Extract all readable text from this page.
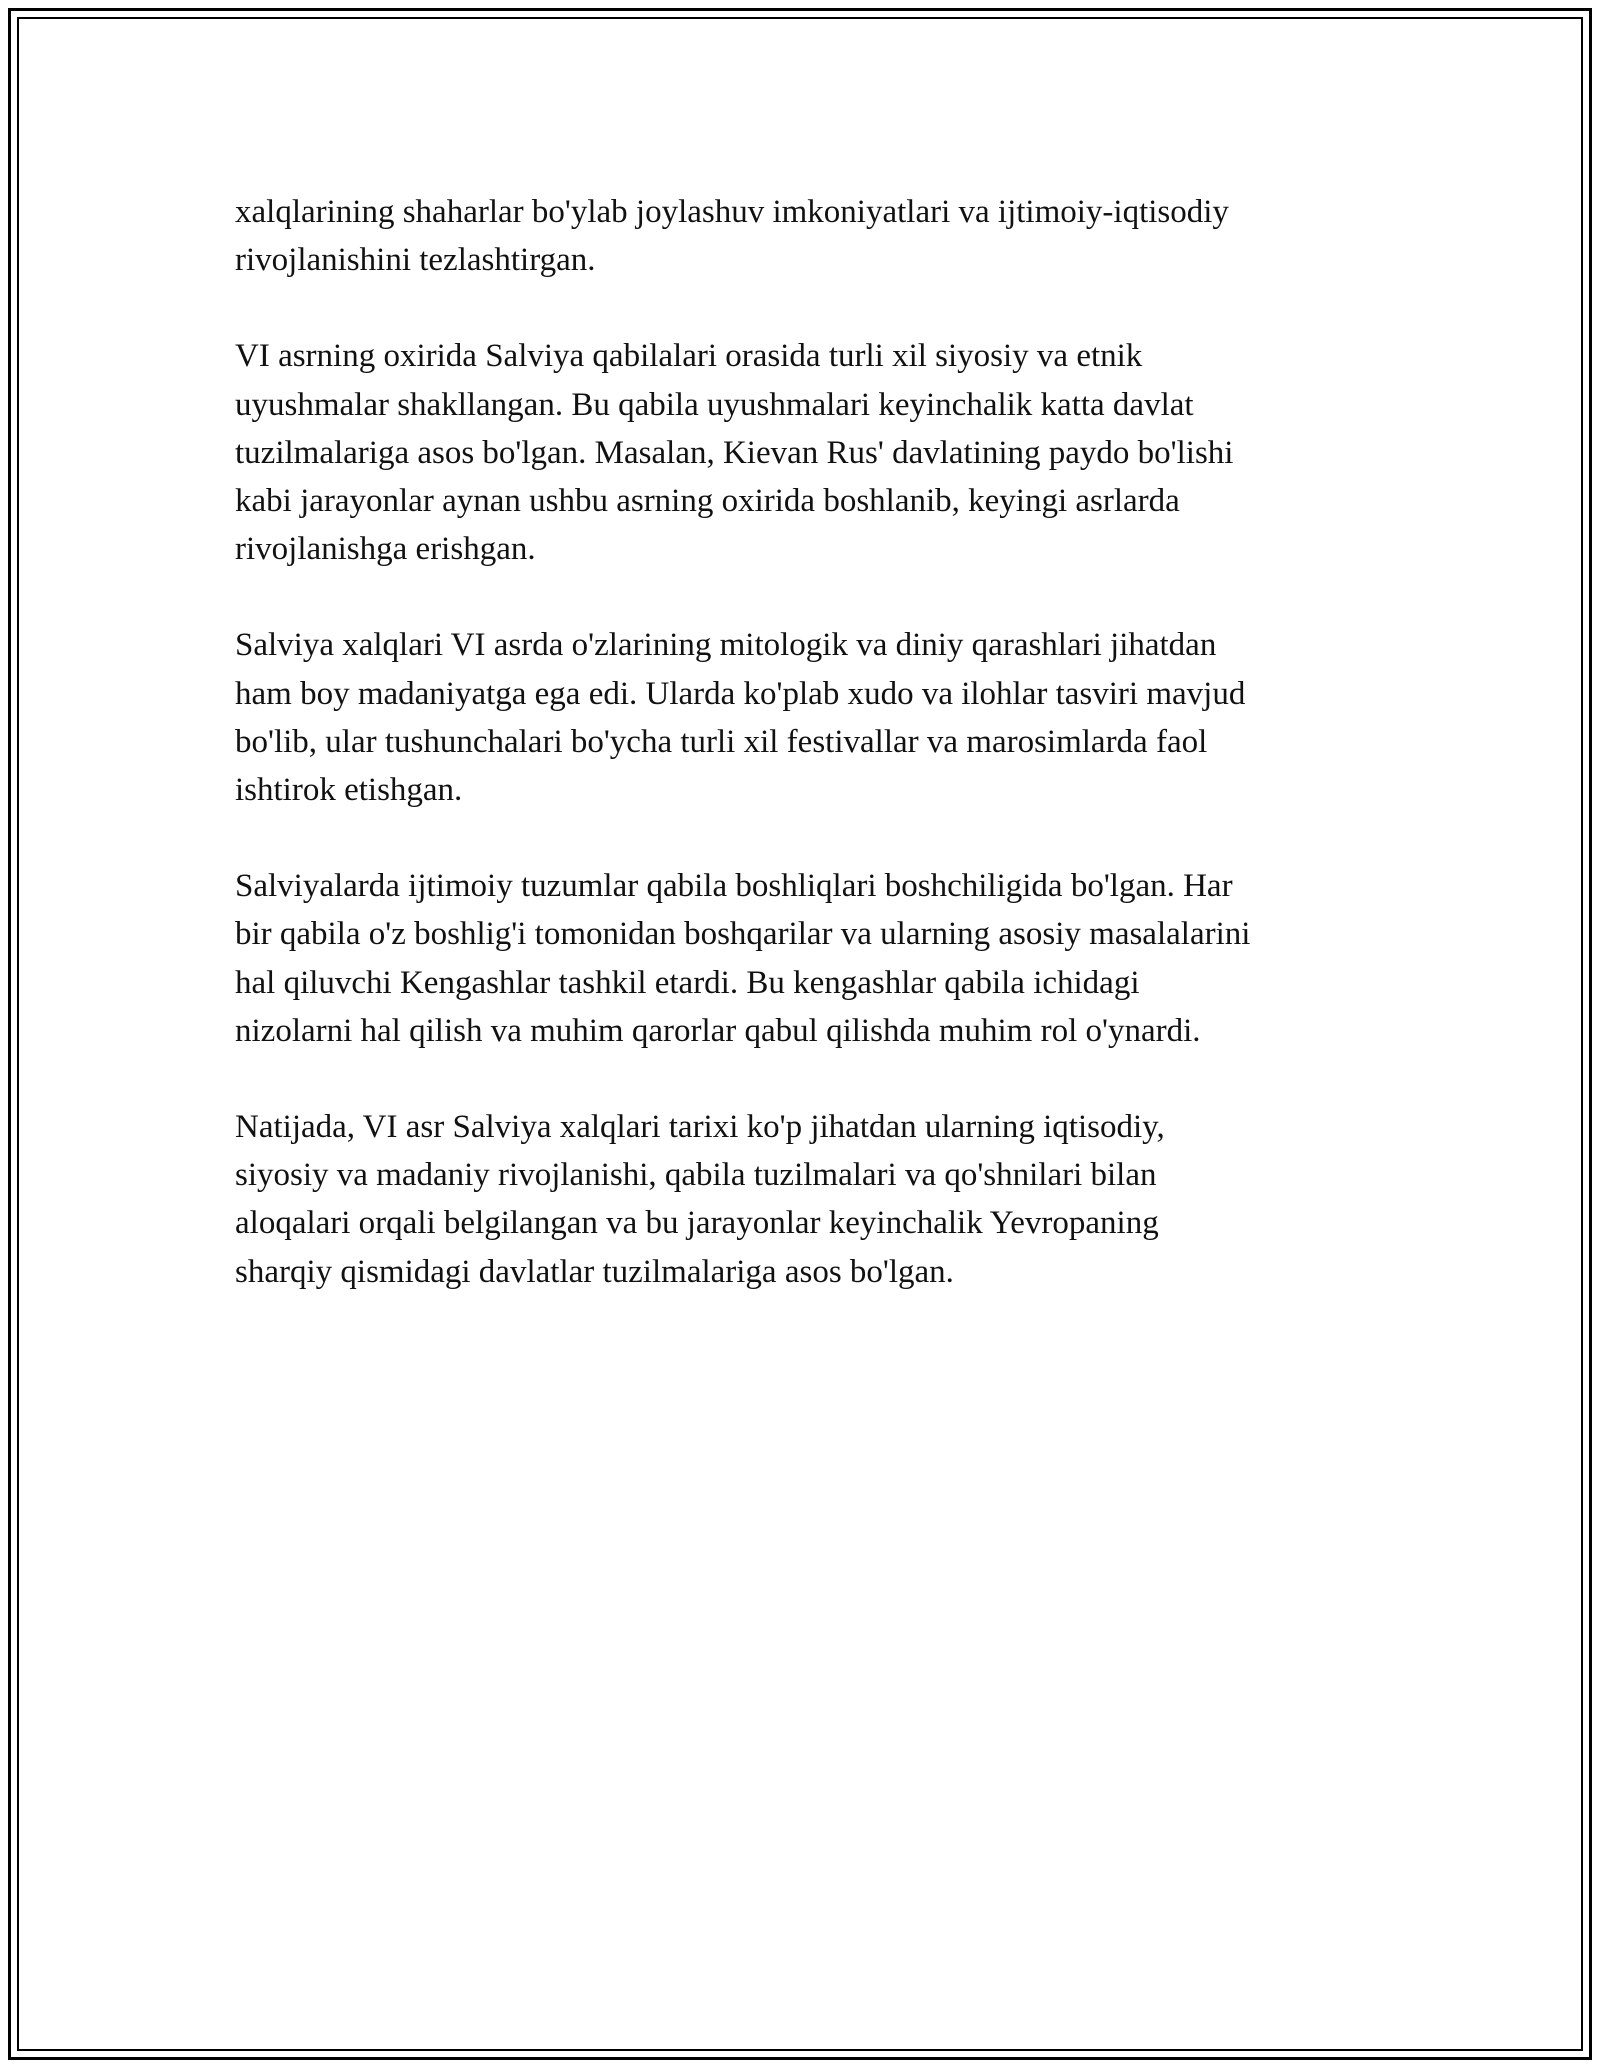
xalqlarining shaharlar bo'ylab joylashuv imkoniyatlari va ijtimoiy-iqtisodiy
rivojlanishini tezlashtirgan.

VI asrning oxirida Salviya qabilalari orasida turli xil siyosiy va etnik
uyushmalar shakllangan. Bu qabila uyushmalari keyinchalik katta davlat
tuzilmalariga asos bo'lgan. Masalan, Kievan Rus' davlatining paydo bo'lishi
kabi jarayonlar aynan ushbu asrning oxirida boshlanib, keyingi asrlarda
rivojlanishga erishgan.

Salviya xalqlari VI asrda o'zlarining mitologik va diniy qarashlari jihatdan
ham boy madaniyatga ega edi. Ularda ko'plab xudo va ilohlar tasviri mavjud
bo'lib, ular tushunchalari bo'ycha turli xil festivallar va marosimlarda faol
ishtirok etishgan.

Salviyalarda ijtimoiy tuzumlar qabila boshliqlari boshchiligida bo'lgan. Har
bir qabila o'z boshlig'i tomonidan boshqarilar va ularning asosiy masalalarini
hal qiluvchi Kengashlar tashkil etardi. Bu kengashlar qabila ichidagi
nizolarni hal qilish va muhim qarorlar qabul qilishda muhim rol o'ynardi.

Natijada, VI asr Salviya xalqlari tarixi ko'p jihatdan ularning iqtisodiy,
siyosiy va madaniy rivojlanishi, qabila tuzilmalari va qo'shnilari bilan
aloqalari orqali belgilangan va bu jarayonlar keyinchalik Yevropaning
sharqiy qismidagi davlatlar tuzilmalariga asos bo'lgan.
